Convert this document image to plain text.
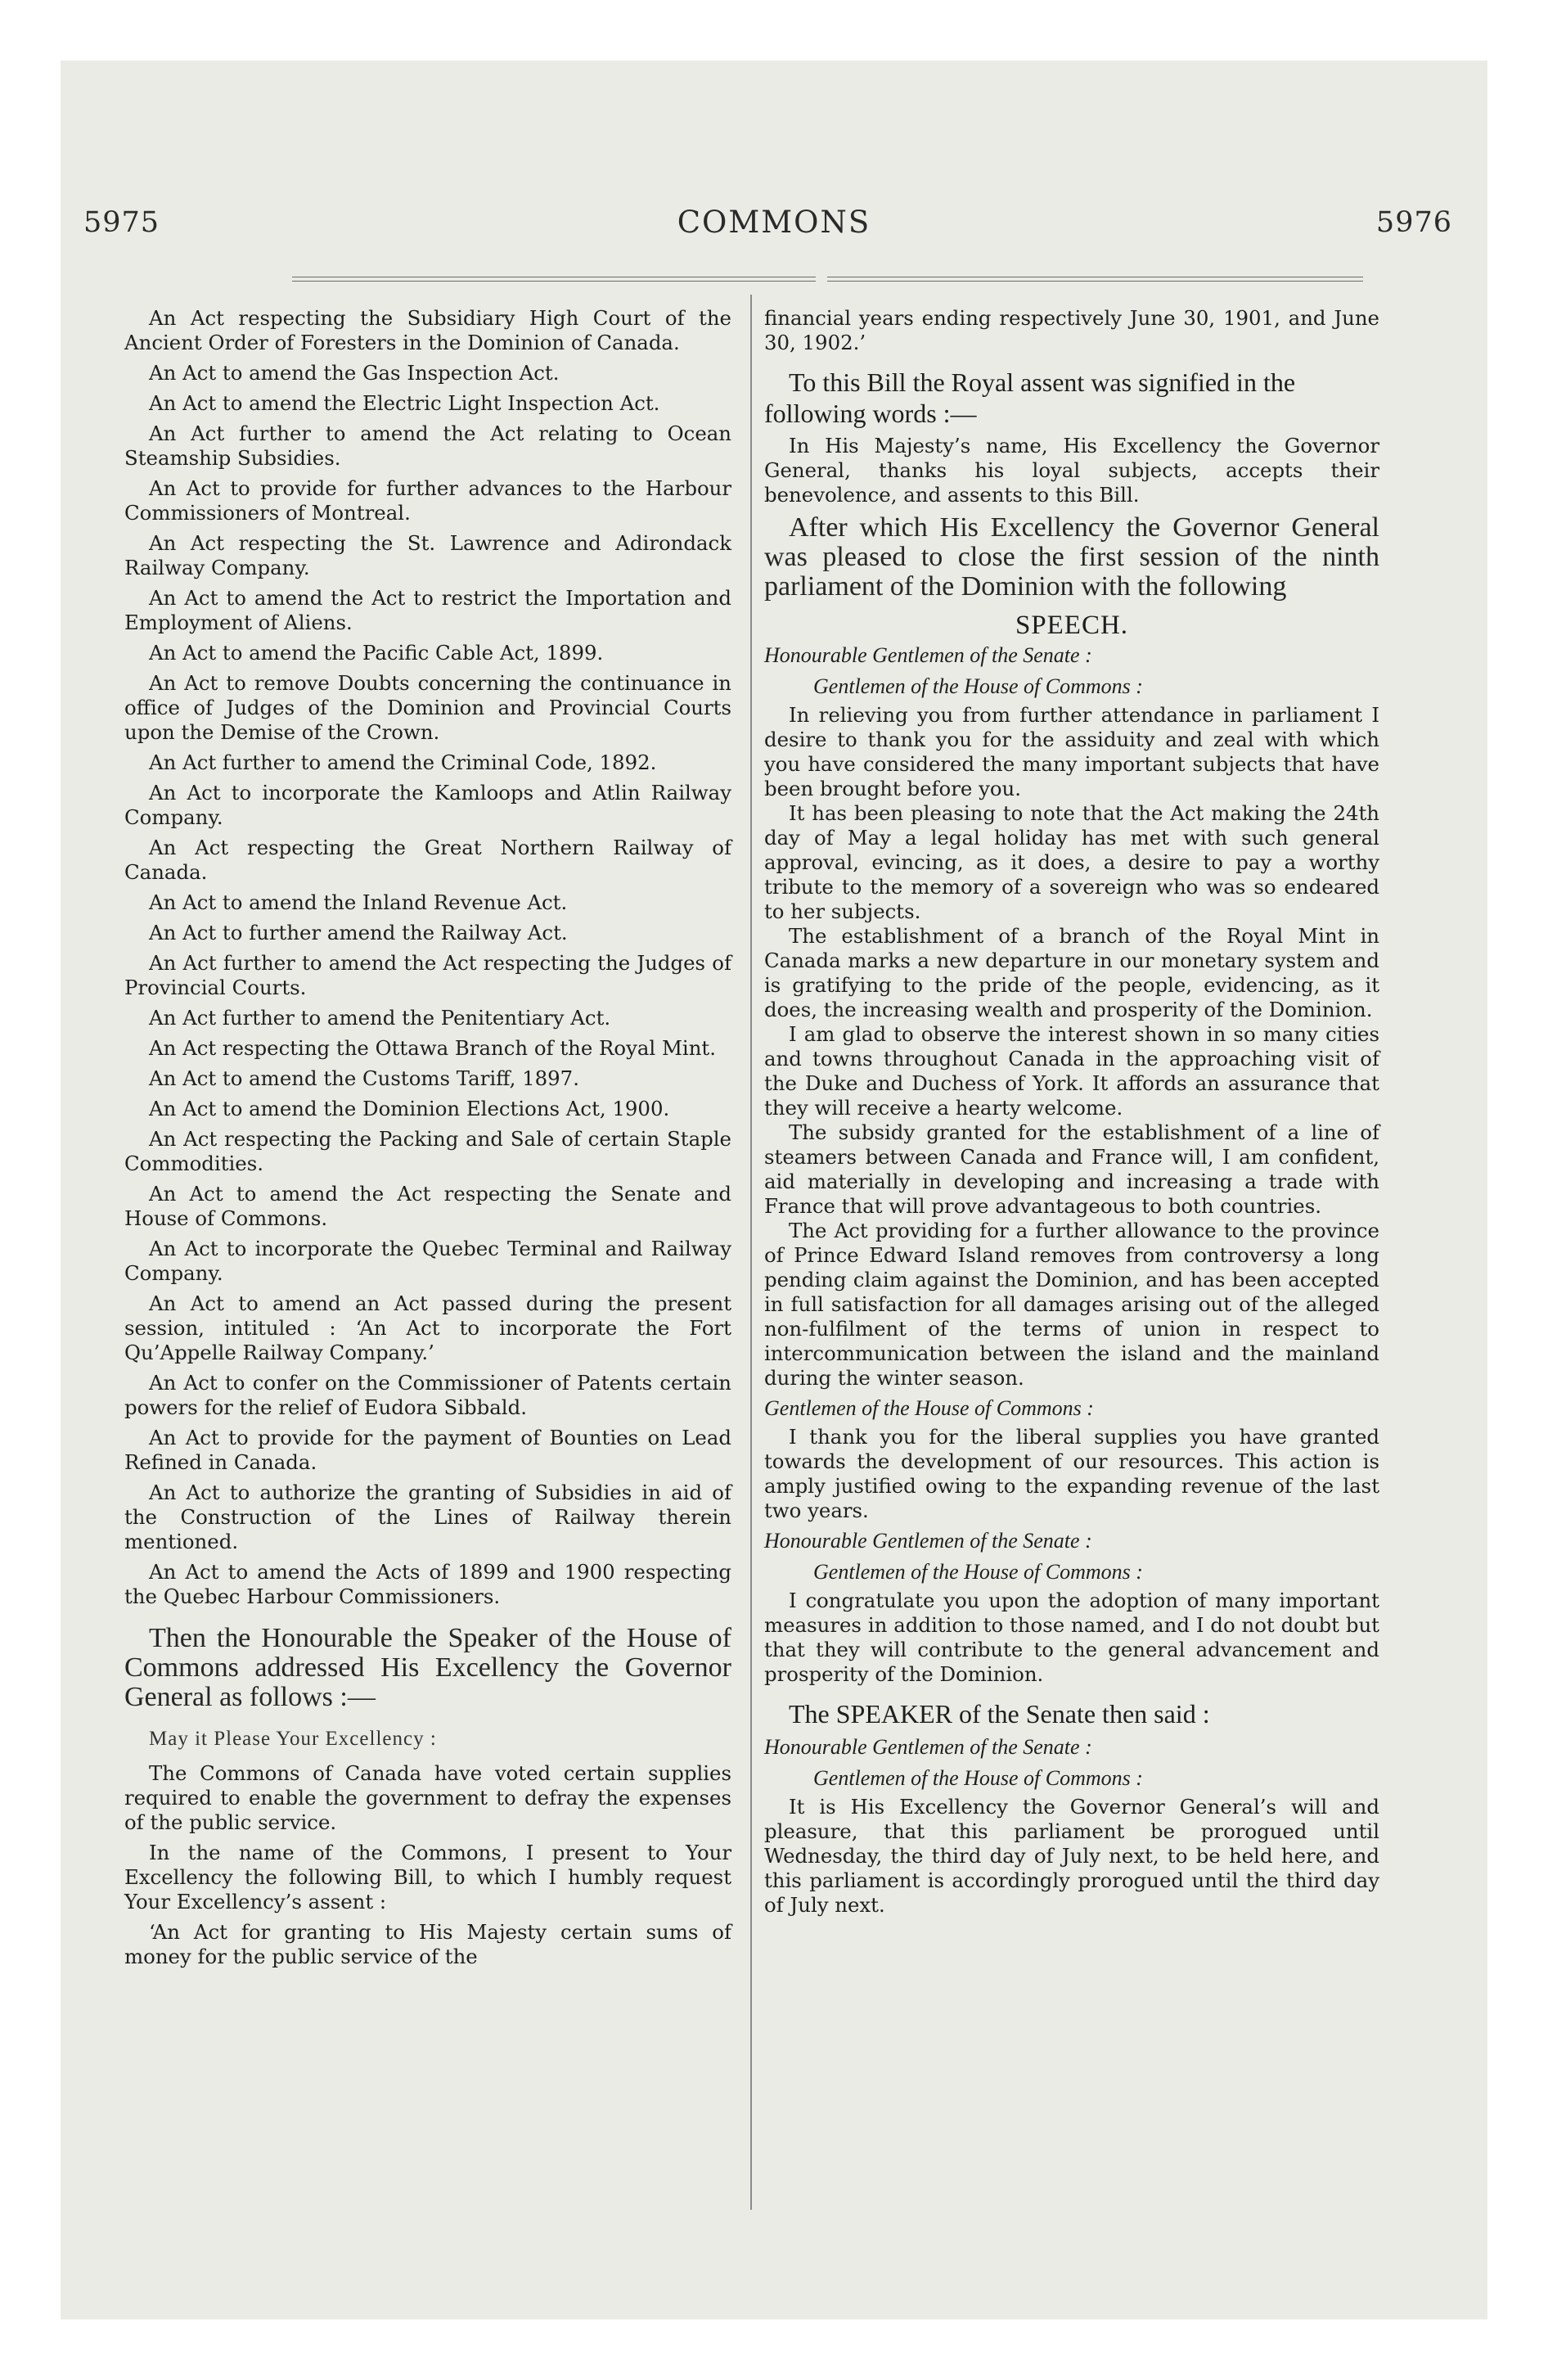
5975	COMMONS	5976

An Act respecting the Subsidiary High Court of the Ancient Order of Foresters in the Dominion of Canada.

An Act to amend the Gas Inspection Act.

An Act to amend the Electric Light Inspection Act.

An Act further to amend the Act relating to Ocean Steamship Subsidies.

An Act to provide for further advances to the Harbour Commissioners of Montreal.

An Act respecting the St. Lawrence and Adirondack Railway Company.

An Act to amend the Act to restrict the Importation and Employment of Aliens.

An Act to amend the Pacific Cable Act, 1899.

An Act to remove Doubts concerning the continuance in office of Judges of the Dominion and Provincial Courts upon the Demise of the Crown.

An Act further to amend the Criminal Code, 1892.

An Act to incorporate the Kamloops and Atlin Railway Company.

An Act respecting the Great Northern Railway of Canada.

An Act to amend the Inland Revenue Act.

An Act to further amend the Railway Act.

An Act further to amend the Act respecting the Judges of Provincial Courts.

An Act further to amend the Penitentiary Act.

An Act respecting the Ottawa Branch of the Royal Mint.

An Act to amend the Customs Tariff, 1897.

An Act to amend the Dominion Elections Act, 1900.

An Act respecting the Packing and Sale of certain Staple Commodities.

An Act to amend the Act respecting the Senate and House of Commons.

An Act to incorporate the Quebec Terminal and Railway Company.

An Act to amend an Act passed during the present session, intituled : ‘An Act to incorporate the Fort Qu’Appelle Railway Company.’

An Act to confer on the Commissioner of Patents certain powers for the relief of Eudora Sibbald.

An Act to provide for the payment of Bounties on Lead Refined in Canada.

An Act to authorize the granting of Subsidies in aid of the Construction of the Lines of Railway therein mentioned.

An Act to amend the Acts of 1899 and 1900 respecting the Quebec Harbour Commissioners.

Then the Honourable the Speaker of the House of Commons addressed His Excellency the Governor General as follows :—

May it Please Your Excellency :

The Commons of Canada have voted certain supplies required to enable the government to defray the expenses of the public service.

In the name of the Commons, I present to Your Excellency the following Bill, to which I humbly request Your Excellency’s assent :

‘An Act for granting to His Majesty certain sums of money for the public service of the

financial years ending respectively June 30, 1901, and June 30, 1902.’

To this Bill the Royal assent was signified in the following words :—

In His Majesty’s name, His Excellency the Governor General, thanks his loyal subjects, accepts their benevolence, and assents to this Bill.

After which His Excellency the Governor General was pleased to close the first session of the ninth parliament of the Dominion with the following

SPEECH.
Honourable Gentlemen of the Senate :
Gentlemen of the House of Commons :

In relieving you from further attendance in parliament I desire to thank you for the assiduity and zeal with which you have considered the many important subjects that have been brought before you.

It has been pleasing to note that the Act making the 24th day of May a legal holiday has met with such general approval, evincing, as it does, a desire to pay a worthy tribute to the memory of a sovereign who was so endeared to her subjects.

The establishment of a branch of the Royal Mint in Canada marks a new departure in our monetary system and is gratifying to the pride of the people, evidencing, as it does, the increasing wealth and prosperity of the Dominion.

I am glad to observe the interest shown in so many cities and towns throughout Canada in the approaching visit of the Duke and Duchess of York. It affords an assurance that they will receive a hearty welcome.

The subsidy granted for the establishment of a line of steamers between Canada and France will, I am confident, aid materially in developing and increasing a trade with France that will prove advantageous to both countries.

The Act providing for a further allowance to the province of Prince Edward Island removes from controversy a long pending claim against the Dominion, and has been accepted in full satisfaction for all damages arising out of the alleged non-fulfilment of the terms of union in respect to intercommunication between the island and the mainland during the winter season.

Gentlemen of the House of Commons :

I thank you for the liberal supplies you have granted towards the development of our resources. This action is amply justified owing to the expanding revenue of the last two years.

Honourable Gentlemen of the Senate :
Gentlemen of the House of Commons :

I congratulate you upon the adoption of many important measures in addition to those named, and I do not doubt but that they will contribute to the general advancement and prosperity of the Dominion.

The SPEAKER of the Senate then said :

Honourable Gentlemen of the Senate :
Gentlemen of the House of Commons :

It is His Excellency the Governor General’s will and pleasure, that this parliament be prorogued until Wednesday, the third day of July next, to be held here, and this parliament is accordingly prorogued until the third day of July next.
